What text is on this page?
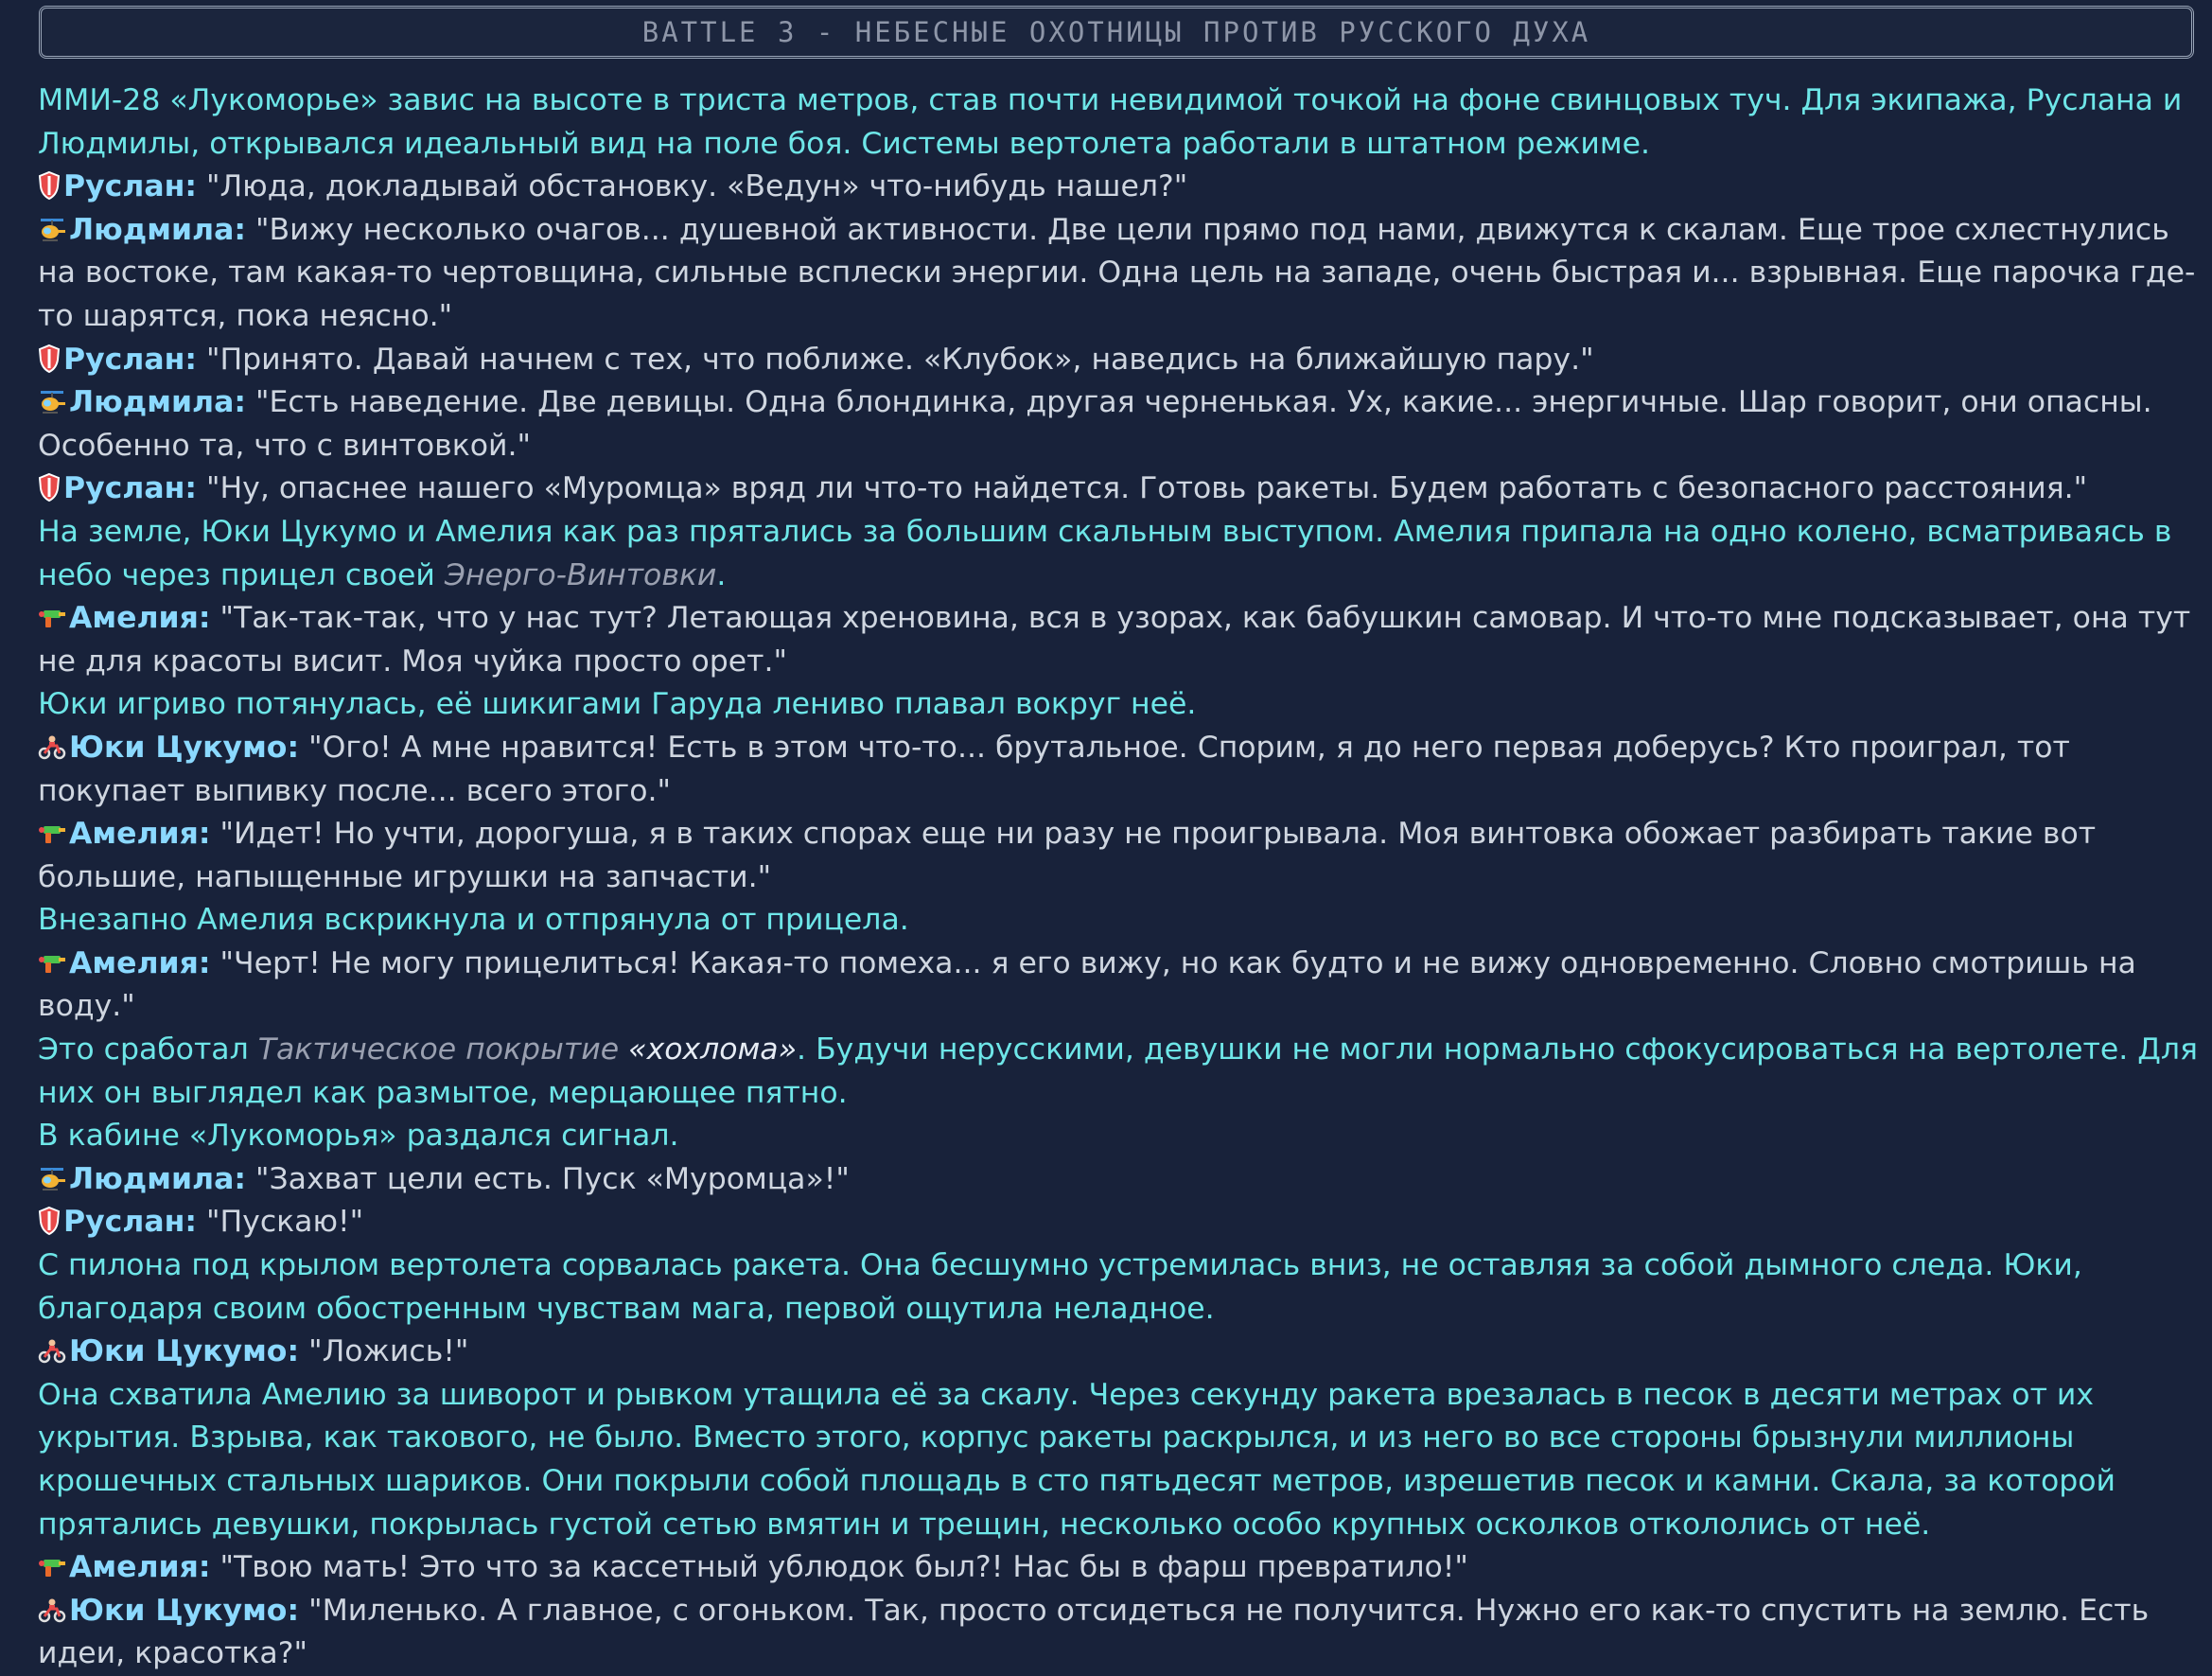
BATTLE 3 - НЕБЕСНЫЕ ОХОТНИЦЫ ПРОТИВ РУССКОГО ДУХА

ММИ-28 «Лукоморье» завис на высоте в триста метров, став почти невидимой точкой на фоне свинцовых туч. Для экипажа, Руслана и Людмилы, открывался идеальный вид на поле боя. Системы вертолета работали в штатном режиме.

Руслан: "Люда, докладывай обстановку. «Ведун» что-нибудь нашел?"

Людмила: "Вижу несколько очагов... душевной активности. Две цели прямо под нами, движутся к скалам. Еще трое схлестнулись на востоке, там какая-то чертовщина, сильные всплески энергии. Одна цель на западе, очень быстрая и... взрывная. Еще парочка где-то шарятся, пока неясно."

Руслан: "Принято. Давай начнем с тех, что поближе. «Клубок», наведись на ближайшую пару."

Людмила: "Есть наведение. Две девицы. Одна блондинка, другая черненькая. Ух, какие... энергичные. Шар говорит, они опасны. Особенно та, что с винтовкой."

Руслан: "Ну, опаснее нашего «Муромца» вряд ли что-то найдется. Готовь ракеты. Будем работать с безопасного расстояния."

На земле, Юки Цукумо и Амелия как раз прятались за большим скальным выступом. Амелия припала на одно колено, всматриваясь в небо через прицел своей Энерго-Винтовки.

Амелия: "Так-так-так, что у нас тут? Летающая хреновина, вся в узорах, как бабушкин самовар. И что-то мне подсказывает, она тут не для красоты висит. Моя чуйка просто орет."

Юки игриво потянулась, её шикигами Гаруда лениво плавал вокруг неё.

Юки Цукумо: "Ого! А мне нравится! Есть в этом что-то... брутальное. Спорим, я до него первая доберусь? Кто проиграл, тот покупает выпивку после... всего этого."

Амелия: "Идет! Но учти, дорогуша, я в таких спорах еще ни разу не проигрывала. Моя винтовка обожает разбирать такие вот большие, напыщенные игрушки на запчасти."

Внезапно Амелия вскрикнула и отпрянула от прицела.

Амелия: "Черт! Не могу прицелиться! Какая-то помеха... я его вижу, но как будто и не вижу одновременно. Словно смотришь на воду."

Это сработал Тактическое покрытие «хохлома». Будучи нерусскими, девушки не могли нормально сфокусироваться на вертолете. Для них он выглядел как размытое, мерцающее пятно.

В кабине «Лукоморья» раздался сигнал.

Людмила: "Захват цели есть. Пуск «Муромца»!"

Руслан: "Пускаю!"

С пилона под крылом вертолета сорвалась ракета. Она бесшумно устремилась вниз, не оставляя за собой дымного следа. Юки, благодаря своим обостренным чувствам мага, первой ощутила неладное.

Юки Цукумо: "Ложись!"

Она схватила Амелию за шиворот и рывком утащила её за скалу. Через секунду ракета врезалась в песок в десяти метрах от их укрытия. Взрыва, как такового, не было. Вместо этого, корпус ракеты раскрылся, и из него во все стороны брызнули миллионы крошечных стальных шариков. Они покрыли собой площадь в сто пятьдесят метров, изрешетив песок и камни. Скала, за которой прятались девушки, покрылась густой сетью вмятин и трещин, несколько особо крупных осколков откололись от неё.

Амелия: "Твою мать! Это что за кассетный ублюдок был?! Нас бы в фарш превратило!"

Юки Цукумо: "Миленько. А главное, с огоньком. Так, просто отсидеться не получится. Нужно его как-то спустить на землю. Есть идеи, красотка?"
